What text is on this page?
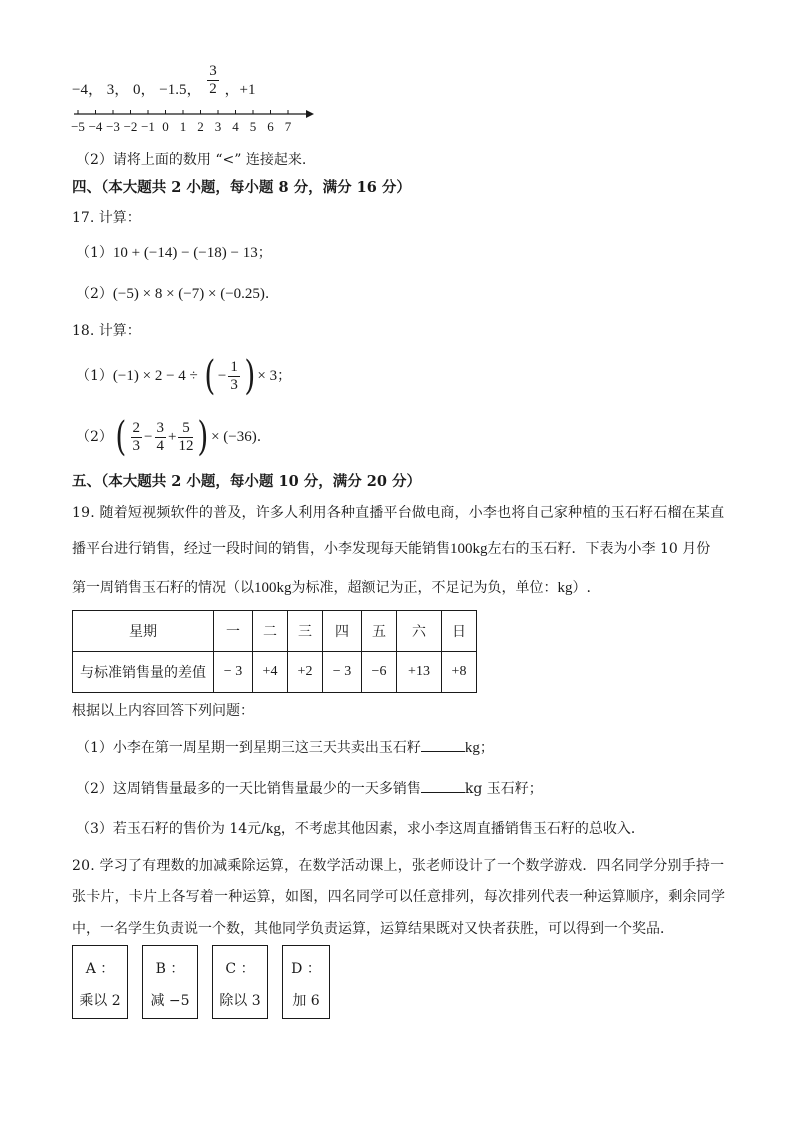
−4， 3， 0， −1.5， $\frac{3}{2}$ ，+1
−5 −4 −3 −2 −1 0 1 2 3 4 5 6 7
（2）请将上面的数用 “<” 连接起来.
四、（本大题共 2 小题，每小题 8 分，满分 16 分）
17. 计算：
（1）10 + (−14) − (−18) − 13；
（2）(−5) × 8 × (−7) × (−0.25).
18. 计算：
（1）(−1) × 2 − 4 ÷ ( − $\frac{1}{3}$ ) × 3；
$(2)( \frac{2}{3} - \frac{3}{4} + \frac{5}{12}$ ) × (−36).
五、（本大题共 2 小题，每小题 10 分，满分 20 分）
19. 随着短视频软件的普及，许多人利用各种直播平台做电商，小李也将自己家种植的玉石籽石榴在某直
播平台进行销售，经过一段时间的销售，小李发现每天能销售100kg左右的玉石籽．下表为小李 10 月份
第一周销售玉石籽的情况（以100kg为标准，超额记为正，不足记为负，单位：kg）.
星期	一	二	三	四	五	六	日
与标准销售量的差值	− 3	+4	+2	− 3	−6	+13	+8
根据以上内容回答下列问题：
（1）小李在第一周星期一到星期三这三天共卖出玉石籽	kg；
（2）这周销售量最多的一天比销售量最少的一天多销售	kg 玉石籽；
（3）若玉石籽的售价为 14元/kg，不考虑其他因素，求小李这周直播销售玉石籽的总收入．
20. 学习了有理数的加减乘除运算，在数学活动课上，张老师设计了一个数学游戏．四名同学分别手持一
张卡片，卡片上各写着一种运算，如图，四名同学可以任意排列，每次排列代表一种运算顺序，剩余同学
中，一名学生负责说一个数，其他同学负责运算，运算结果既对又快者获胜，可以得到一个奖品．
A ：
乘以 2
B ：
减 −5
C ：
除以 3
D ：
加 6
